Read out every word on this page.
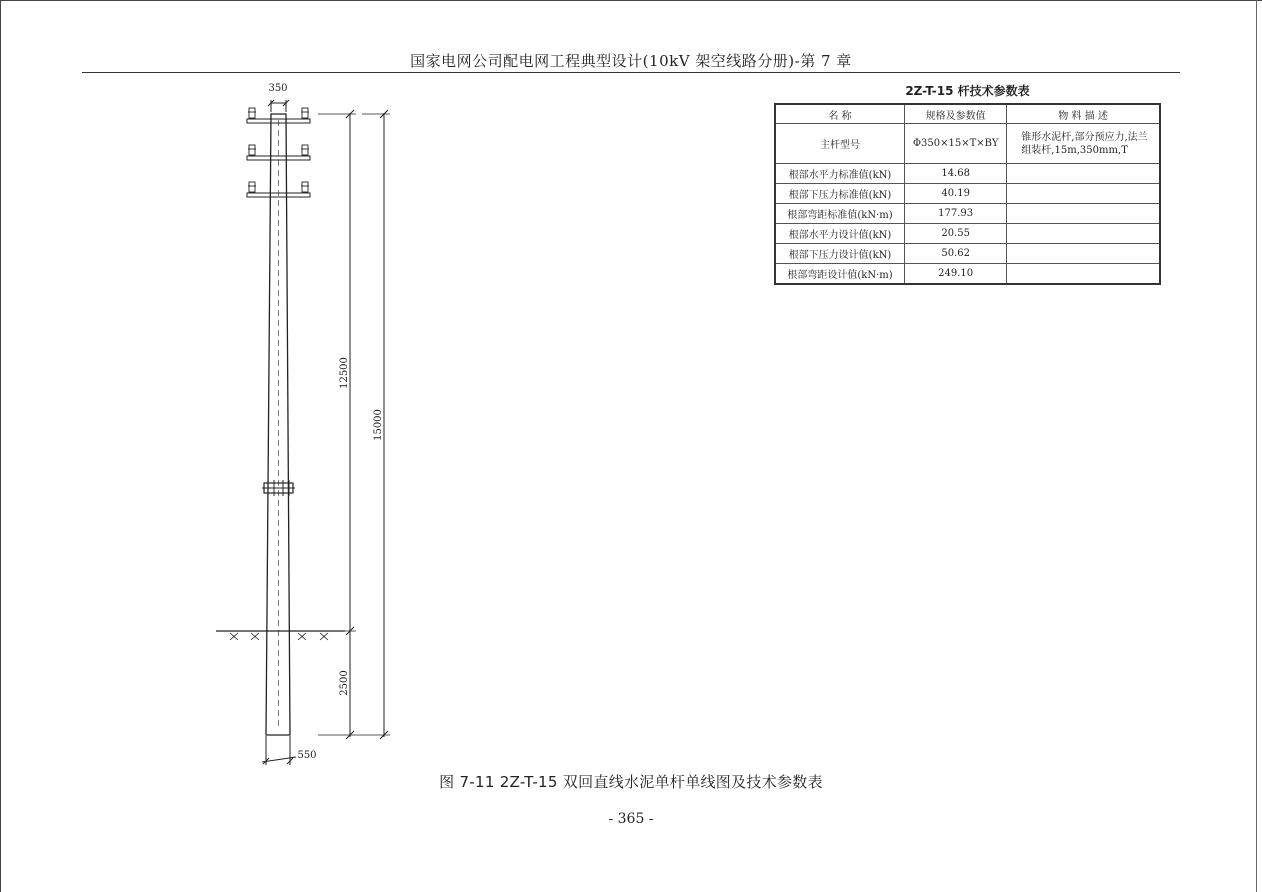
国家电网公司配电网工程典型设计(10kV 架空线路分册)-第 7 章
350
12500
15000
2500
550
2Z-T-15 杆技术参数表
名 称	规格及参数值	物 料 描 述
主杆型号	Φ350×15×T×BY	锥形水泥杆,部分预应力,法兰组装杆,15m,350mm,T
根部水平力标准值(kN)	14.68	
根部下压力标准值(kN)	40.19	
根部弯距标准值(kN·m)	177.93	
根部水平力设计值(kN)	20.55	
根部下压力设计值(kN)	50.62	
根部弯距设计值(kN·m)	249.10	
图 7-11 2Z-T-15 双回直线水泥单杆单线图及技术参数表
- 365 -
